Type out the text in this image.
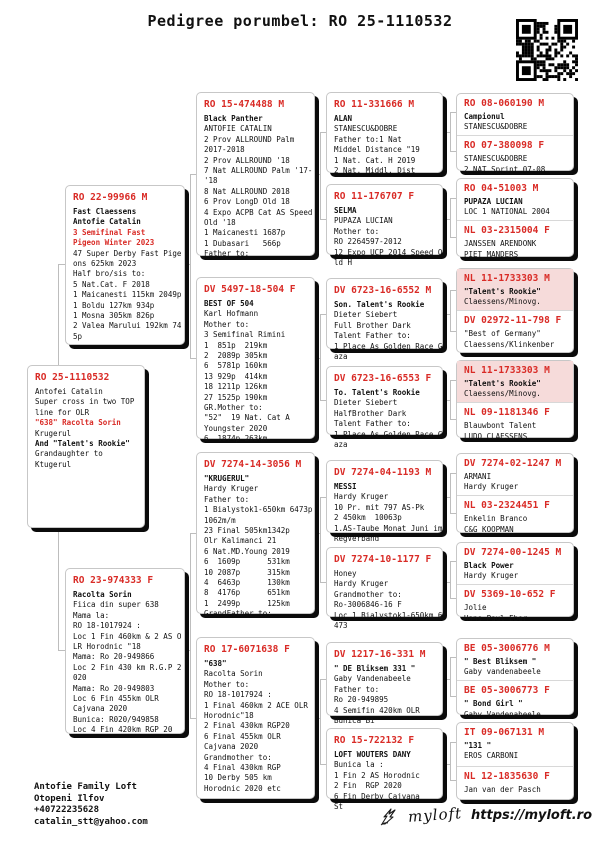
Pedigree porumbel: RO 25-1110532
RO 22-99966 M
Fast Claessens
Antofie Catalin
3 Semifinal Fast
Pigeon Winter 2023
47 Super Derby Fast Pige
ons 625km 2023
Half bro/sis to:
5 Nat.Cat. F 2018
1 Maicanesti 115km 2049p
1 Boldu 127km 934p
1 Mosna 305km 826p
2 Valea Marului 192km 74
5p
RO 25-1110532
Antofei Catalin
Super cross in two TOP
line for OLR
"638" Racolta Sorin
Krugerul
And "Talent's Rookie"
Grandaughter to
Ktugerul
RO 23-974333 F
Racolta Sorin
Fiica din super 638
Mama la:
RO 18-1017924 :
Loc 1 Fin 460km & 2 AS O
LR Horodnic "18
Mama: Ro 20-949866
Loc 2 Fin 430 km R.G.P 2
020
Mama: Ro 20-949803
Loc 6 Fin 455km OLR
Cajvana 2020
Bunica: R020/949858
Loc 4 Fin 420km RGP 20
RO 15-474488 M
Black Panther
ANTOFIE CATALIN
2 Prov ALLROUND Palm
2017-2018
2 Prov ALLROUND '18
7 Nat ALLROUND Palm '17-
'18
8 Nat ALLROUND 2018
6 Prov LongD Old 18
4 Expo ACPB Cat AS Speed
Old '18
1 Maicanesti 1687p
1 Dubasari   566p
Father to:
DV 5497-18-504 F
BEST OF 504
Karl Hofmann
Mother to:
3 Semifinal Rimini
1  851p  219km
2  2089p 305km
6  5781p 160km
13 929p  414km
18 1211p 126km
27 1525p 190km
GR.Mother to:
"52"  19 Nat. Cat A
Youngster 2020
6  1874p 263km
DV 7274-14-3056 M
"KRUGERUL"
Hardy Kruger
Father to:
1 Bialystok1-650km 6473p
1062m/m
23 Final 505km1342p
Olr Kalimanci 21
6 Nat.MD.Young 2019
6  1609p      531km
10 2087p      315km
4  6463p      130km
8  4176p      651km
1  2499p      125km
GrandFather to:
RO 17-6071638 F
"638"
Racolta Sorin
Mother to:
RO 18-1017924 :
1 Final 460km 2 ACE OLR
Horodnic"18
2 Final 430km RGP20
6 Final 455km OLR
Cajvana 2020
Grandmother to:
4 Final 430km RGP
10 Derby 505 km
Horodnic 2020 etc
RO 11-331666 M
ALAN
STANESCU&DOBRE
Father to:1 Nat
Middel Distance "19
1 Nat. Cat. H 2019
2 Nat. Middl. Dist
RO 11-176707 F
SELMA
PUPAZA LUCIAN
Mother to:
RO 2264597-2012
12 Expo UCP 2014 Speed O
ld H
DV 6723-16-6552 M
Son. Talent's Rookie
Dieter Siebert
Full Brother Dark
Talent Father to:
1 Place As Golden Race G
aza
DV 6723-16-6553 F
To. Talent's Rookie
Dieter Siebert
HalfBrother Dark
Talent Father to:
1 Place As Golden Race G
aza
DV 7274-04-1193 M
MESSI
Hardy Kruger
10 Pr. mit 797 AS-Pk
2 450km  10063p
1.AS-Taube Monat Juni im
RegVerband
DV 7274-10-1177 F
Honey
Hardy Kruger
Grandmother to:
Ro-3006846-16 F
Loc 1 Bialystok1-650km 6
473
DV 1217-16-331 M
" DE Bliksem 331 "
Gaby Vandenabeele
Father to:
Ro 20-949895
4 Semifin 420km OLR
Bunica Bi
RO 15-722132 F
LOFT WOUTERS DANY
Bunica la :
1 Fin 2 AS Horodnic
2 Fin  RGP 2020
6 Fin Derby Cajvana
St
RO 08-060190 M
Campionul
STANESCU&DOBRE
RO 07-380098 F
STANESCU&DOBRE
2 NAT Sprint 07-08
RO 04-51003 M
PUPAZA LUCIAN
LOC 1 NATIONAL 2004
NL 03-2315004 F
JANSSEN ARENDONK
PIET MANDERS
NL 11-1733303 M
"Talent's Rookie"
Claessens/Minovg.
DV 02972-11-798 F
"Best of Germany"
Claessens/Klinkenber
NL 11-1733303 M
"Talent's Rookie"
Claessens/Minovg.
NL 09-1181346 F
Blauwbont Talent
LUDO CLAESSENS
DV 7274-02-1247 M
ARMANI
Hardy Kruger
NL 03-2324451 F
Enkelin Branco
C&G KOOPMAN
DV 7274-00-1245 M
Black Power
Hardy Kruger
DV 5369-10-652 F
Jolie
Hans Paul Eber
BE 05-3006776 M
" Best Bliksem "
Gaby vandenabeele
BE 05-3006773 F
" Bond Girl "
Gaby Vandenabeele
IT 09-067131 M
"131 "
EROS CARBONI
NL 12-1835630 F
Jan van der Pasch
Antofie Family Loft
Otopeni Ilfov
+40722235628
catalin_stt@yahoo.com	myloft https://myloft.ro
